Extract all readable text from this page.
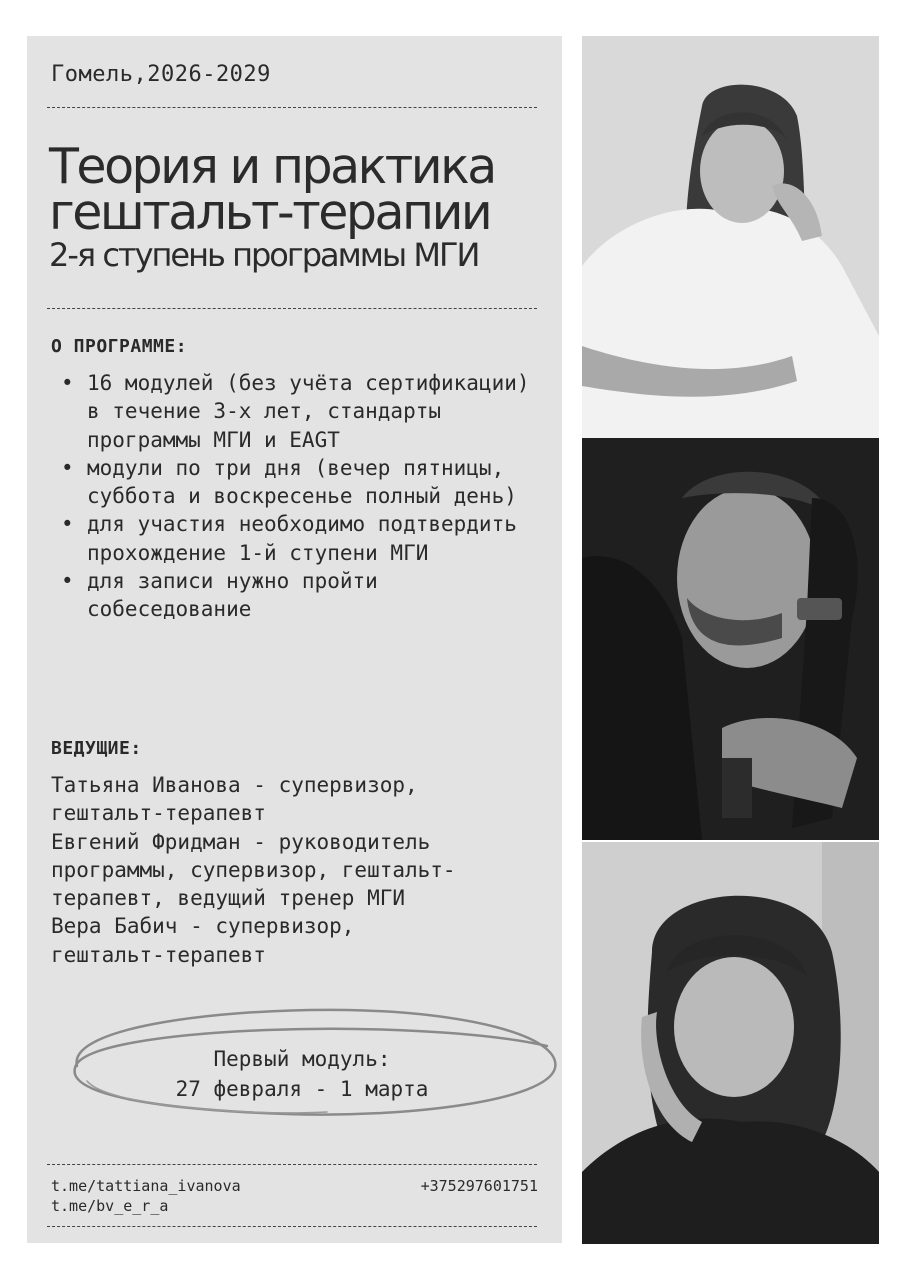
Гомель,2026-2029
Теория и практика
гештальт-терапии
2-я ступень программы МГИ
О ПРОГРАММЕ:
• 16 модулей (без учёта сертификации) в течение 3-х лет, стандарты программы МГИ и EAGT
• модули по три дня (вечер пятницы, суббота и воскресенье полный день)
• для участия необходимо подтвердить прохождение 1-й ступени МГИ
• для записи нужно пройти собеседование
ВЕДУЩИЕ:
Татьяна Иванова - супервизор,
гештальт-терапевт
Евгений Фридман - руководитель
программы, супервизор, гештальт-
терапевт, ведущий тренер МГИ
Вера Бабич - супервизор,
гештальт-терапевт
Первый модуль:
27 февраля - 1 марта
t.me/tattiana_ivanova
t.me/bv_e_r_a
+375297601751
